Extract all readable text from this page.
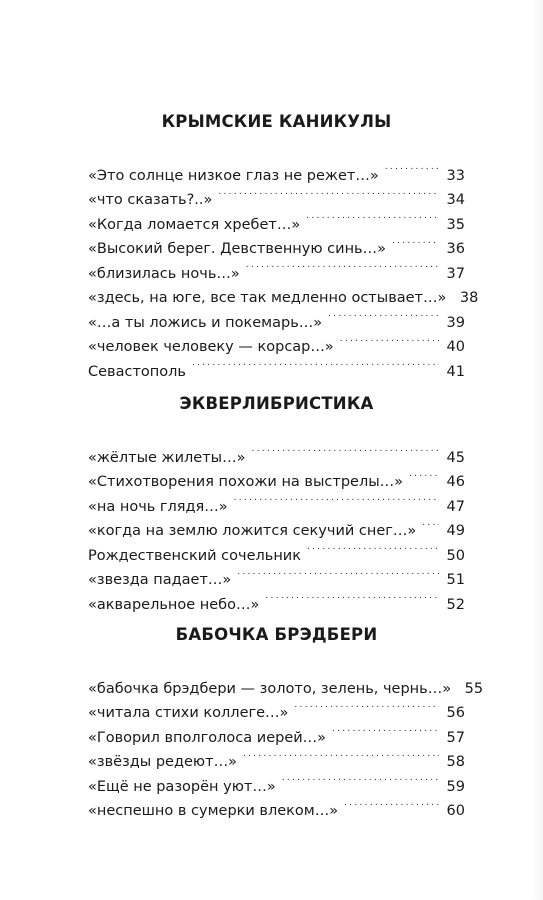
КРЫМСКИЕ КАНИКУЛЫ
«Это солнце низкое глаз не режет…» . . .	33
«что сказать?..» . . .	34
«Когда ломается хребет…» . . .	35
«Высокий берег. Девственную синь…» . . .	36
«близилась ночь…» . . .	37
«здесь, на юге, все так медленно остывает…» 38
«…а ты ложись и покемарь…» . . .	39
«человек человеку — корсар…» . . .	40
Севастополь . . .	41
ЭКВЕРЛИБРИСТИКА
«жёлтые жилеты…» . . .	45
«Стихотворения похожи на выстрелы…» . . .	46
«на ночь глядя…» . . .	47
«когда на землю ложится секучий снег…» . . . 49
Рождественский сочельник . . .	50
«звезда падает…» . . .	51
«акварельное небо…» . . .	52
БАБОЧКА БРЭДБЕРИ
«бабочка брэдбери — золото, зелень, чернь…» 55
«читала стихи коллеге…» . . .	56
«Говорил вполголоса иерей…» . . .	57
«звёзды редеют…» . . .	58
«Ещё не разорён уют…» . . .	59
«неспешно в сумерки влеком…» . . .	60
